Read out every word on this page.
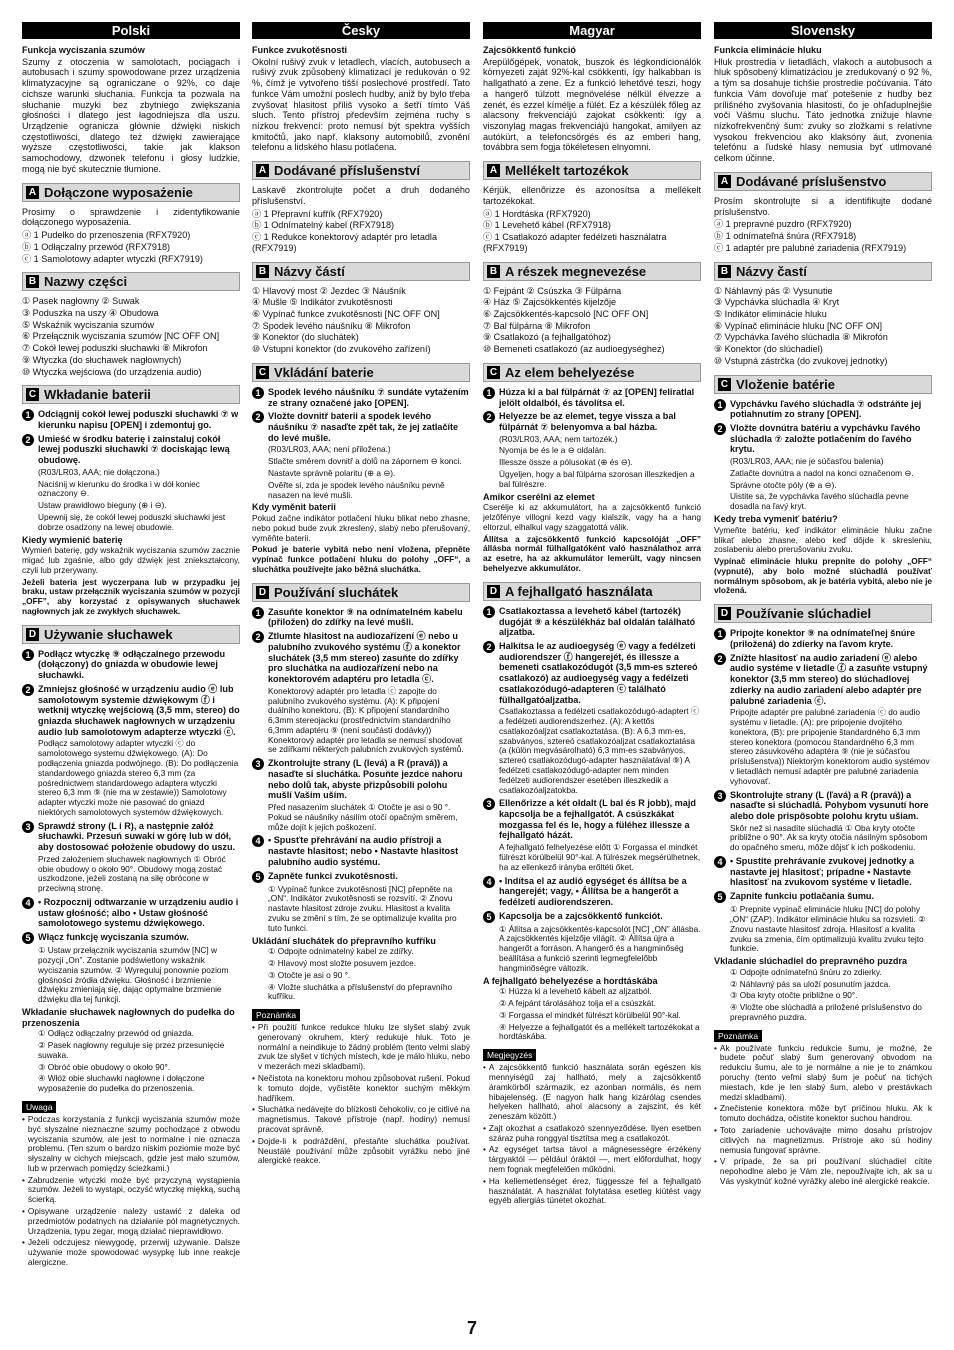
Polski
Funkcja wyciszania szumów

Szumy z otoczenia w samolotach, pociągach i autobusach i szumy spowodowane przez urządzenia klimatyzacyjne są ograniczane o 92%, co daje cichsze warunki słuchania. Funkcja ta pozwala na słuchanie muzyki bez zbytniego zwiększania głośności i dlatego jest łagodniejsza dla uszu. Urządzenie ogranicza głównie dźwięki niskich częstotliwości, dlatego też dźwięki zawierające wyższe częstotliwości, takie jak klakson samochodowy, dzwonek telefonu i głosy ludzkie, mogą nie być skutecznie tłumione.

A Dołączone wyposażenie

Prosimy o sprawdzenie i zidentyfikowanie dołączonego wyposażenia.

ⓐ 1 Pudełko do przenoszenia (RFX7920)
ⓑ 1 Odłączalny przewód (RFX7918)
ⓒ 1 Samolotowy adapter wtyczki (RFX7919)
B Nazwy części
① Pasek nagłowny ② Suwak
③ Poduszka na uszy ④ Obudowa
⑤ Wskaźnik wyciszania szumów
⑥ Przełącznik wyciszania szumów [NC OFF ON]
⑦ Cokół lewej poduszki słuchawki ⑧ Mikrofon
⑨ Wtyczka (do słuchawek nagłownych)
⑩ Wtyczka wejściowa (do urządzenia audio)
C Wkładanie baterii
1 Odciągnij cokół lewej poduszki słuchawki ⑦ w kierunku napisu [OPEN] i zdemontuj go.
2 Umieść w środku baterię i zainstaluj cokół lewej poduszki słuchawki ⑦ dociskając lewą obudowę.
(R03/LR03, AAA; nie dołączona.)
Naciśnij w kierunku do środka i w dół koniec oznaczony ⊖.
Ustaw prawidłowo bieguny (⊕ i ⊖).
Upewnij się, że cokół lewej poduszki słuchawki jest dobrze osadzony na lewej obudowie.
Kiedy wymienić baterię

Wymień baterię, gdy wskaźnik wyciszania szumów zacznie migać lub zgaśnie, albo gdy dźwięk jest zniekształcony, czyli lub przerywany.

Jeżeli bateria jest wyczerpana lub w przypadku jej braku, ustaw przełącznik wyciszania szumów w pozycji „OFF”, aby korzystać z opisywanych słuchawek nagłownych jak ze zwykłych słuchawek.

D Używanie słuchawek
1 Podłącz wtyczkę ⑨ odłączalnego przewodu (dołączony) do gniazda w obudowie lewej słuchawki.
2 Zmniejsz głośność w urządzeniu audio ⓔ lub samolotowym systemie dźwiękowym ⓕ i wetknij wtyczkę wejściową (3,5 mm, stereo) do gniazda słuchawek nagłownych w urządzeniu audio lub samolotowym adapterze wtyczki ⓒ.
Podłącz samolotowy adapter wtyczki ⓒ do samolotowego systemu dźwiękowego. (A): Do podłączenia gniazda podwójnego. (B): Do podłączenia standardowego gniazda stereo 6,3 mm (za pośrednictwem standardowego adaptera wtyczki stereo 6,3 mm ⑨ (nie ma w zestawie)) Samolotowy adapter wtyczki może nie pasować do gniazd niektórych samolotowych systemów dźwiękowych.
3 Sprawdź strony (L i R), a następnie załóż słuchawki. Przesuń suwaki w górę lub w dół, aby dostosować położenie obudowy do uszu.
Przed założeniem słuchawek nagłownych ① Obróć obie obudowy o około 90°. Obudowy mogą zostać uszkodzone, jeżeli zostaną na siłę obrócone w przeciwną stronę.
4 • Rozpocznij odtwarzanie w urządzeniu audio i ustaw głośność; albo • Ustaw głośność samolotowego systemu dźwiękowego.
5 Włącz funkcję wyciszania szumów.
① Ustaw przełącznik wyciszania szumów [NC] w pozycji „On”. Zostanie podświetlony wskaźnik wyciszania szumów. ② Wyreguluj ponownie poziom głośności źródła dźwięku. Głośność i brzmienie dźwięku zmieniają się, dając optymalne brzmienie dźwięku dla tej funkcji.
Wkładanie słuchawek nagłownych do pudełka do przenoszenia
① Odłącz odłączalny przewód od gniazda.
② Pasek nagłowny reguluje się przez przesunięcie suwaka.
③ Obróć obie obudowy o około 90°.
④ Włóż obie słuchawki nagłowne i dołączone wyposażenie do pudełka do przenoszenia.
Uwaga
• Podczas korzystania z funkcji wyciszania szumów może być słyszalne nieznaczne szumy pochodzące z obwodu wyciszania szumów, ale jest to normalne i nie oznacza problemu. (Ten szum o bardzo niskim poziomie może być słyszalny w cichych miejscach, gdzie jest mało szumów, lub w przerwach pomiędzy ścieżkami.)
• Zabrudzenie wtyczki może być przyczyną wystąpienia szumów. Jeżeli to wystąpi, oczyść wtyczkę miękką, suchą ścierką.
• Opisywane urządzenie należy ustawić z daleka od przedmiotów podatnych na działanie pól magnetycznych. Urządzenia, typu zegar, mogą działać nieprawidłowo.
• Jeżeli odczujesz niewygodę, przerwij używanie. Dalsze używanie może spowodować wysypkę lub inne reakcje alergiczne.
Česky
Funkce zvukotěsnosti

Okolní rušivý zvuk v letadlech, vlacích, autobusech a rušivý zvuk způsobený klimatizací je redukován o 92 %, čímž je vytvořeno tišší poslechové prostředí. Tato funkce Vám umožní poslech hudby, aniž by bylo třeba zvyšovat hlasitost příliš vysoko a šetří tímto Váš sluch. Tento přístroj především zejména ruchy s nízkou frekvencí: proto nemusí být spektra vyšších kmitočtů, jako např. klaksony automobilů, zvonění telefonu a lidského hlasu potlačena.

A Dodávané příslušenství

Laskavě zkontrolujte počet a druh dodaného příslušenství.

ⓐ 1 Přepravní kufřík (RFX7920)
ⓑ 1 Odnímatelný kabel (RFX7918)
ⓒ 1 Redukce konektorový adaptér pro letadla (RFX7919)
B Názvy částí
① Hlavový most ② Jezdec ③ Náušník
④ Mušle ⑤ Indikátor zvukotěsnosti
⑥ Vypínač funkce zvukotěsnosti [NC OFF ON]
⑦ Spodek levého náušníku ⑧ Mikrofon
⑨ Konektor (do sluchátek)
⑩ Vstupní konektor (do zvukového zařízení)
C Vkládání baterie
1 Spodek levého náušníku ⑦ sundáte vytažením ze strany označené jako [OPEN].
2 Vložte dovnitř baterii a spodek levého náušníku ⑦ nasaďte zpět tak, že jej zatlačíte do levé mušle.
(R03/LR03, AAA; není přiložena.)
Stlačte směrem dovnitř a dolů na zápornem ⊖ konci.
Nastavte správně polaritu (⊕ a ⊖).
Ověřte si, zda je spodek levého náušníku pevně nasazen na levé mušli.
Kdy vyměnit baterii

Pokud začne indikátor potlačení hluku blikat nebo zhasne, nebo pokud bude zvuk zkreslený, slabý nebo přerušovaný, vyměňte baterii.

Pokud je baterie vybitá nebo není vložena, přepněte vypínač funkce potlačení hluku do polohy „OFF“, a sluchátka používejte jako běžná sluchátka.

D Používání sluchátek
1 Zasuňte konektor ⑨ na odnímatelném kabelu (přiložen) do zdířky na levé mušli.
2 Ztlumte hlasitost na audiozařízení ⓔ nebo u palubního zvukového systému ⓕ a konektor sluchátek (3,5 mm stereo) zasuňte do zdířky pro sluchátka na audiozařízení nebo na konektorovém adaptéru pro letadla ⓒ.
Konektorový adaptér pro letadla ⓒ zapojte do palubního zvukového systému. (A): K připojení duálního konektoru, (B): K připojení standardního 6,3mm stereojacku (prostřednictvím standardního 6,3mm adaptéru ⑨ (není součástí dodávky)) Konektorový adaptér pro letadla se nemusí shodovat se zdířkami některých palubních zvukových systémů.
3 Zkontrolujte strany (L (levá) a R (pravá)) a nasaďte si sluchátka. Posuňte jezdce nahoru nebo dolů tak, abyste přizpůsobili polohu mušlí Vašim uším.
Před nasazením sluchátek ① Otočte je asi o 90 °. Pokud se náušníky násilím otočí opačným směrem, může dojít k jejich poškození.
4 • Spusťte přehrávání na audio přístroji a nastavte hlasitost; nebo • Nastavte hlasitost palubního audio systému.
5 Zapněte funkci zvukotěsnosti.
① Vypínač funkce zvukotěsnosti [NC] přepněte na „ON“. Indikátor zvukotěsnosti se rozsvítí. ② Znovu nastavte hlasitost zdroje zvuku. Hlasitost a kvalita zvuku se změní s tím, že se optimalizuje kvalita pro tuto funkci.
Ukládání sluchátek do přepravního kufříku
① Odpojte odnímatelný kabel ze zdířky.
② Hlavový most složte posuvem jezdce.
③ Otočte je asi o 90 °.
④ Vložte sluchátka a příslušenství do přepravního kufříku.
Poznámka
• Při použití funkce redukce hluku lze slyšet slabý zvuk generovaný okruhem, který redukuje hluk. Toto je normální a neindikuje to žádný problém (tento velmi slabý zvuk lze slyšet v tichých místech, kde je málo hluku, nebo v mezerách mezi skladbami).
• Nečistota na konektoru mohou způsobovat rušení. Pokud k tomuto dojde, vyčistěte konektor suchým měkkým hadříkem.
• Sluchátka nedávejte do blízkosti čehokoliv, co je citlivé na magnetismus. Takové přístroje (např. hodiny) nemusí pracovat správně.
• Dojde-li k podráždění, přestaňte sluchátka používat. Neustálé používání může způsobit vyrážku nebo jiné alergické reakce.
Magyar
Zajcsökkentő funkció

Arepülőgépek, vonatok, buszok és légkondicionálók környezeti zaját 92%-kal csökkenti, így halkabban is hallgatható a zene. Ez a funkció lehetővé teszi, hogy a hangerő túlzott megnövelése nélkül élvezze a zenét, és ezzel kímélje a fülét. Ez a készülék főleg az alacsony frekvenciájú zajokat csökkenti: így a viszonylag magas frekvenciájú hangokat, amilyen az autókürt, a telefoncsörgés és az emberi hang, továbbra sem fogja tökéletesen elnyomni.

A Mellékelt tartozékok

Kérjük, ellenőrizze és azonosítsa a mellékelt tartozékokat.

ⓐ 1 Hordtáska (RFX7920)
ⓑ 1 Levehető kábel (RFX7918)
ⓒ 1 Csatlakozó adapter fedélzeti használatra (RFX7919)
B A részek megnevezése
① Fejpánt ② Csúszka ③ Fülpárna
④ Ház ⑤ Zajcsökkentés kijelzője
⑥ Zajcsökkentés-kapcsoló [NC OFF ON]
⑦ Bal fülpárna ⑧ Mikrofon
⑨ Csatlakozó (a fejhallgatóhoz)
⑩ Bemeneti csatlakozó (az audioegységhez)
C Az elem behelyezése
1 Húzza ki a bal fülpárnát ⑦ az [OPEN] feliratlal jelölt oldalból, és távolítsa el.
2 Helyezze be az elemet, tegye vissza a bal fülpárnát ⑦ belenyomva a bal házba.
(R03/LR03, AAA; nem tartozék.)
Nyomja be és le a ⊖ oldalán.
Illessze össze a pólusokat (⊕ és ⊖).
Ügyeljen, hogy a bal fülpárna szorosan illeszkedjen a bal fülrészre.
Amikor cserélni az elemet

Cserélje ki az akkumulátort, ha a zajcsökkentő funkció jelzőfénye villogni kezd vagy kialszik, vagy ha a hang eltorzul, elhalkul vagy szaggatottá válik.

Állítsa a zajcsökkentő funkció kapcsolóját „OFF” állásba normál fülhallgatóként való használathoz arra az esetre, ha az akkumulátor lemerült, vagy nincsen behelyezve akkumulátor.

D A fejhallgató használata
1 Csatlakoztassa a levehető kábel (tartozék) dugóját ⑨ a készülékház bal oldalán található aljzatba.
2 Halkítsa le az audioegység ⓔ vagy a fedélzeti audiorendszer ⓕ hangerejét, és illessze a bemeneti csatlakozódugót (3,5 mm-es sztereó csatlakozó) az audioegység vagy a fedélzeti csatlakozódugó-adapteren ⓒ található fülhallgatóaljzatba.
Csatlakoztassa a fedélzeti csatlakozódugó-adaptert ⓒ a fedélzeti audiorendszerhez. (A): A kettős csatlakozóaljzat csatlakoztatása. (B): A 6,3 mm-es, szabványos, sztereó csatlakozóaljzat csatlakoztatása (a (külön megvásárolható) 6,3 mm-es szabványos, sztereó csatlakozódugó-adapter használatával ⑨) A fedélzeti csatlakozódugó-adapter nem minden fedélzeti audiorendszer esetében illeszkedik a csatlakozóaljzatokba.
3 Ellenőrizze a két oldalt (L bal és R jobb), majd kapcsolja be a fejhallgatót. A csúszkákat mozgassa fel és le, hogy a füléhez illessze a fejhallgató házát.
A fejhallgató felhelyezése előtt ① Forgassa el mindkét fülrészt körülbelül 90°-kal. A fülrészek megsérülhetnek, ha az ellenkező irányba erőltéti őket.
4 • Indítsa el az audió egységet és állítsa be a hangerejét; vagy, • Állítsa be a hangerőt a fedélzeti audiorendszeren.
5 Kapcsolja be a zajcsökkentő funkciót.
① Állítsa a zajcsökkentés-kapcsolót [NC] „ON” állásba. A zajcsökkentés kijelzője világít. ② Állítsa újra a hangerőt a forráson. A hangerő és a hangminőség beállítása a funkció szerinti legmegfelelőbb hangminőségre változik.
A fejhallgató behelyezése a hordtáskába
① Húzza ki a levehető kábelt az aljzatból.
② A fejpánt tárolásához tolja el a csúszkát.
③ Forgassa el mindkét fülrészt körülbelül 90°-kal.
④ Helyezze a fejhallgatót és a mellékelt tartozékokat a hordtáskába.
Megjegyzés
• A zajcsökkentő funkció használata során egészen kis mennyiségű zaj hallható, mely a zajcsökkentő áramkörből származik, ez azonban normális, és nem hibajelenség. (E nagyon halk hang kizárólag csendes helyeken hallható, ahol alacsony a zajszint, és két zeneszám között.)
• Zajt okozhat a csatlakozó szennyeződése. Ilyen esetben száraz puha ronggyal tisztítsa meg a csatlakozót.
• Az egységet tartsa távol a mágnesességre érzékeny tárgyaktól — például óráktól —, mert előfordulhat, hogy nem fognak megfelelően működni.
• Ha kellemetlenséget érez, függessze fel a fejhallgató használatát. A használat folytatása esetleg kiütést vagy egyéb allergiás tünetet okozhat.
Slovensky
Funkcia eliminácie hluku

Hluk prostredia v lietadlách, vlakoch a autobusoch a hluk spôsobený klimatizáciou je zredukovaný o 92 %, a tým sa dosahuje tichšie prostredie počúvania. Táto funkcia Vám dovoľuje mať potešenie z hudby bez prílišného zvyšovania hlasitosti, čo je ohľaduplnejšie voči Vášmu sluchu. Táto jednotka znižuje hlavne nízkofrekvenčný šum: zvuky so zložkami s relatívne vysokou frekvenciou ako klaksóny áut, zvonenia telefónu a ľudské hlasy nemusia byť utlmované celkom účinne.

A Dodávané príslušenstvo

Prosím skontrolujte si a identifikujte dodané príslušenstvo.

ⓐ 1 prepravné puzdro (RFX7920)
ⓑ 1 odnímateľná šnúra (RFX7918)
ⓒ 1 adaptér pre palubné zariadenia (RFX7919)
B Názvy častí
① Náhlavný pás ② Vysunutie
③ Vypchávka slúchadla ④ Kryt
⑤ Indikátor eliminácie hluku
⑥ Vypínač eliminácie hluku [NC OFF ON]
⑦ Vypchávka ľavého slúchadla ⑧ Mikrofón
⑨ Konektor (do slúchadiel)
⑩ Vstupná zástrčka (do zvukovej jednotky)
C Vloženie batérie
1 Vypchávku ľavého slúchadla ⑦ odstráňte jej potiahnutím zo strany [OPEN].
2 Vložte dovnútra batériu a vypchávku ľavého slúchadla ⑦ založte potlačením do ľavého krytu.
(R03/LR03, AAA; nie je súčasťou balenia)
Zatlačte dovnútra a nadol na konci označenom ⊖.
Správne otočte póly (⊕ a ⊖).
Uistite sa, že vypchávka ľavého slúchadla pevne dosadla na ľavý kryt.
Kedy treba vymeniť batériu?

Vymeňte batériu, keď indikátor eliminácie hluku začne blikať alebo zhasne, alebo keď dôjde k skresleniu, zoslabeniu alebo prerušovaniu zvuku.

Vypínač eliminácie hluku prepnite do polohy „OFF“ (vypnuté), aby bolo možné slúchadlá používať normálnym spôsobom, ak je batéria vybitá, alebo nie je vložená.

D Používanie slúchadiel
1 Pripojte konektor ⑨ na odnímateľnej šnúre (priložená) do zdierky na ľavom kryte.
2 Znížte hlasitosť na audio zariadení ⓔ alebo audio systéme v lietadle ⓕ a zasuňte vstupný konektor (3,5 mm stereo) do slúchadlovej zdierky na audio zariadení alebo adaptér pre palubné zariadenia ⓒ.
Pripojte adaptér pre palubné zariadenia ⓒ do audio systému v lietadle. (A): pre pripojenie dvojitého konektora, (B): pre pripojenie štandardného 6,3 mm stereo konektora (pomocou štandardného 6,3 mm stereo zásuvkového adaptéra ⑨ (nie je súčasťou príslušenstva)) Niektorým konektorom audio systémov v lietadlách nemusí adaptér pre palubné zariadenia vyhovovať.
3 Skontrolujte strany (L (ľavá) a R (pravá)) a nasaďte si slúchadlá. Pohybom vysunutí hore alebo dole prispôsobte polohu krytu ušiam.
Skôr než si nasadíte slúchadlá ① Oba kryty otočte približne o 90°. Ak sa kryty otočia násilným spôsobom do opačného smeru, môže dôjsť k ich poškodeniu.
4 • Spustite prehrávanie zvukovej jednotky a nastavte jej hlasitosť; prípadne • Nastavte hlasitosť na zvukovom systéme v lietadle.
5 Zapnite funkciu potlačania šumu.
① Prepnite vypínač eliminácie hluku [NC] do polohy „ON“ (ZAP). Indikátor eliminácie hluku sa rozsvieti. ② Znovu nastavte hlasitosť zdroja. Hlasitosť a kvalita zvuku sa zmenia, čím optimalizujú kvalitu zvuku tejto funkcie.
Vkladanie slúchadiel do prepravného puzdra
① Odpojte odnímateľnú šnúru zo zdierky.
② Náhlavný pás sa uloží posunutím jazdca.
③ Oba kryty otočte približne o 90°.
④ Vložte obe slúchadlá a priložené príslušenstvo do prepravného puzdra.
Poznámka
• Ak používate funkciu redukcie šumu, je možné, že budete počuť slabý šum generovaný obvodom na redukciu šumu, ale to je normálne a nie je to známkou poruchy (tento veľmi slabý šum je počuť na tichých miestach, kde je len slabý šum, alebo v prestávkach medzi skladbami).
• Znečistenie konektora môže byť príčinou hluku. Ak k tomuto dochádza, očistite konektor suchou handrou.
• Toto zariadenie uchovávajte mimo dosahu prístrojov citlivých na magnetizmus. Prístroje ako sú hodiny nemusia fungovať správne.
• V prípade, že sa pri používaní slúchadiel cítite nepohodlne alebo je Vám zle, nepoužívajte ich, ak sa u Vás vyskytnúť kožné vyrážky alebo iné alergické reakcie.
7
